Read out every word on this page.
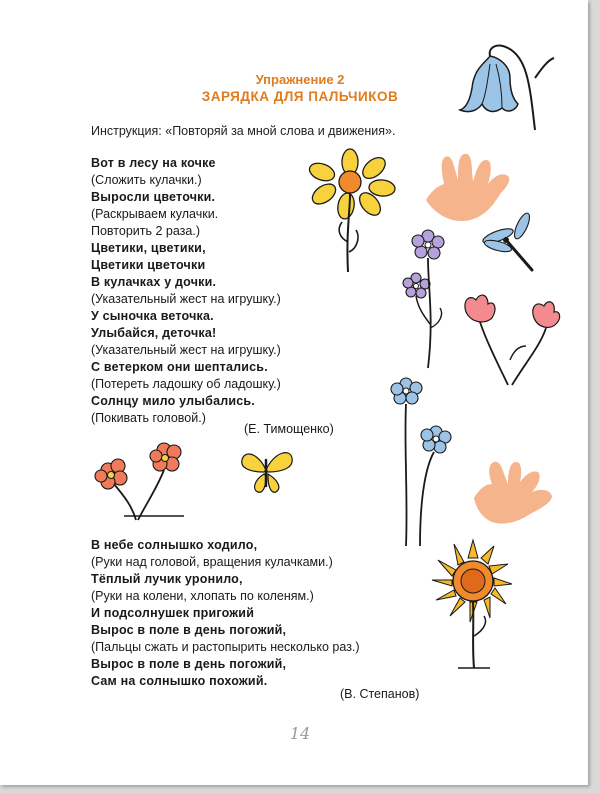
Упражнение 2
ЗАРЯДКА ДЛЯ ПАЛЬЧИКОВ
Инструкция: «Повторяй за мной слова и движения».
Вот в лесу на кочке
(Сложить кулачки.)
Выросли цветочки.
(Раскрываем кулачки.
Повторить 2 раза.)
Цветики, цветики,
Цветики цветочки
В кулачках у дочки.
(Указательный жест на игрушку.)
У сыночка веточка.
Улыбайся, деточка!
(Указательный жест на игрушку.)
С ветерком они шептались.
(Потереть ладошку об ладошку.)
Солнцу мило улыбались.
(Покивать головой.)
(Е. Тимощенко)
В небе солнышко ходило,
(Руки над головой, вращения кулачками.)
Тёплый лучик уронило,
(Руки на колени, хлопать по коленям.)
И подсолнушек пригожий
Вырос в поле в день погожий,
(Пальцы сжать и растопырить несколько раз.)
Вырос в поле в день погожий,
Сам на солнышко похожий.
(В. Степанов)
14
